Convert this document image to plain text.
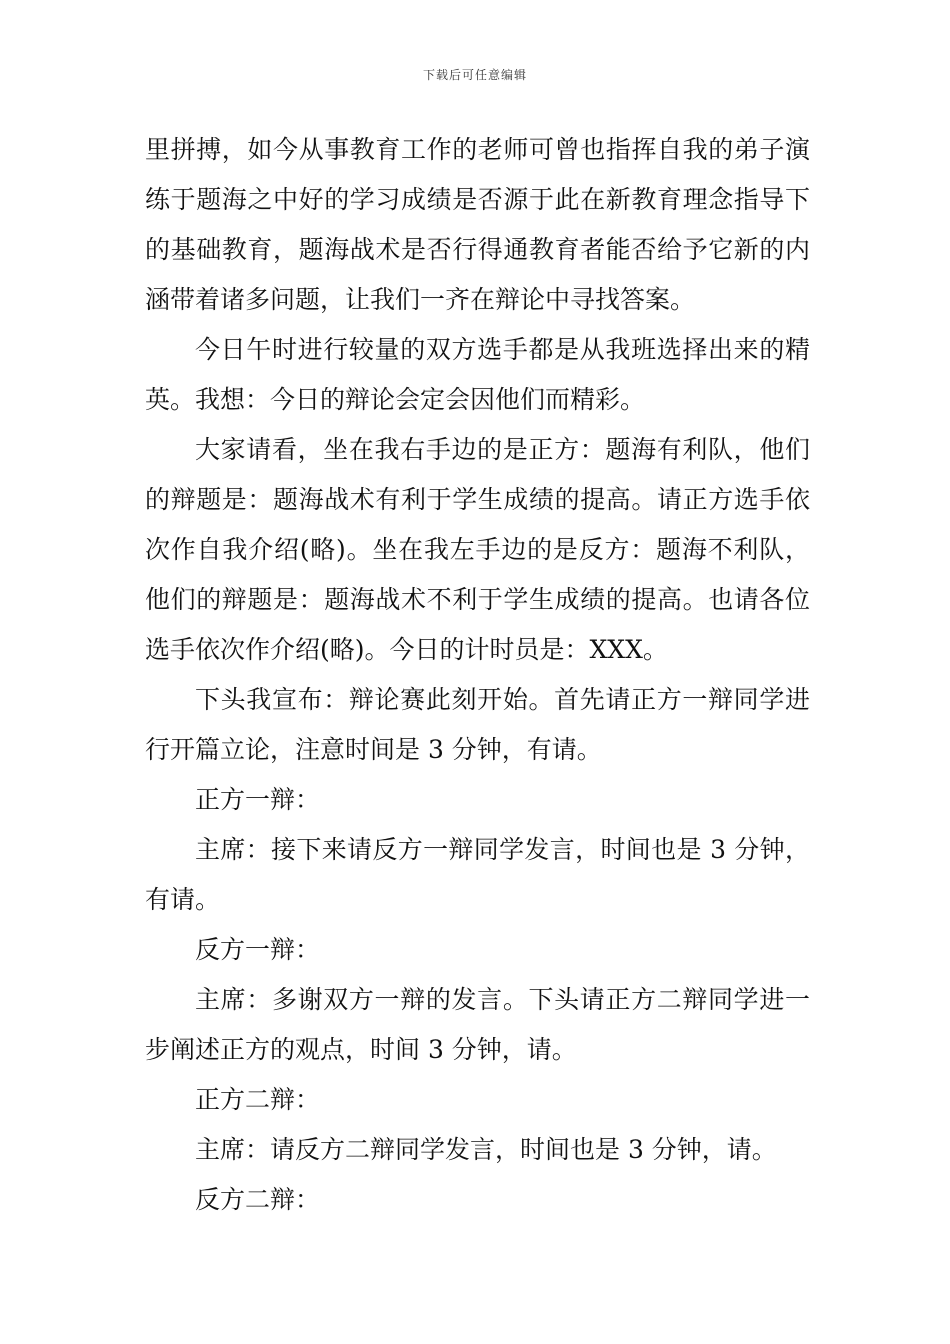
下载后可任意编辑

里拼搏，如今从事教育工作的老师可曾也指挥自我的弟子演练于题海之中好的学习成绩是否源于此在新教育理念指导下的基础教育，题海战术是否行得通教育者能否给予它新的内涵带着诸多问题，让我们一齐在辩论中寻找答案。

今日午时进行较量的双方选手都是从我班选择出来的精英。我想：今日的辩论会定会因他们而精彩。

大家请看，坐在我右手边的是正方：题海有利队，他们的辩题是：题海战术有利于学生成绩的提高。请正方选手依次作自我介绍(略)。坐在我左手边的是反方：题海不利队，他们的辩题是：题海战术不利于学生成绩的提高。也请各位选手依次作介绍(略)。今日的计时员是：XXX。

下头我宣布：辩论赛此刻开始。首先请正方一辩同学进行开篇立论，注意时间是 3 分钟，有请。

正方一辩：

主席：接下来请反方一辩同学发言，时间也是 3 分钟，有请。

反方一辩：

主席：多谢双方一辩的发言。下头请正方二辩同学进一步阐述正方的观点，时间 3 分钟，请。

正方二辩：

主席：请反方二辩同学发言，时间也是 3 分钟，请。

反方二辩：
